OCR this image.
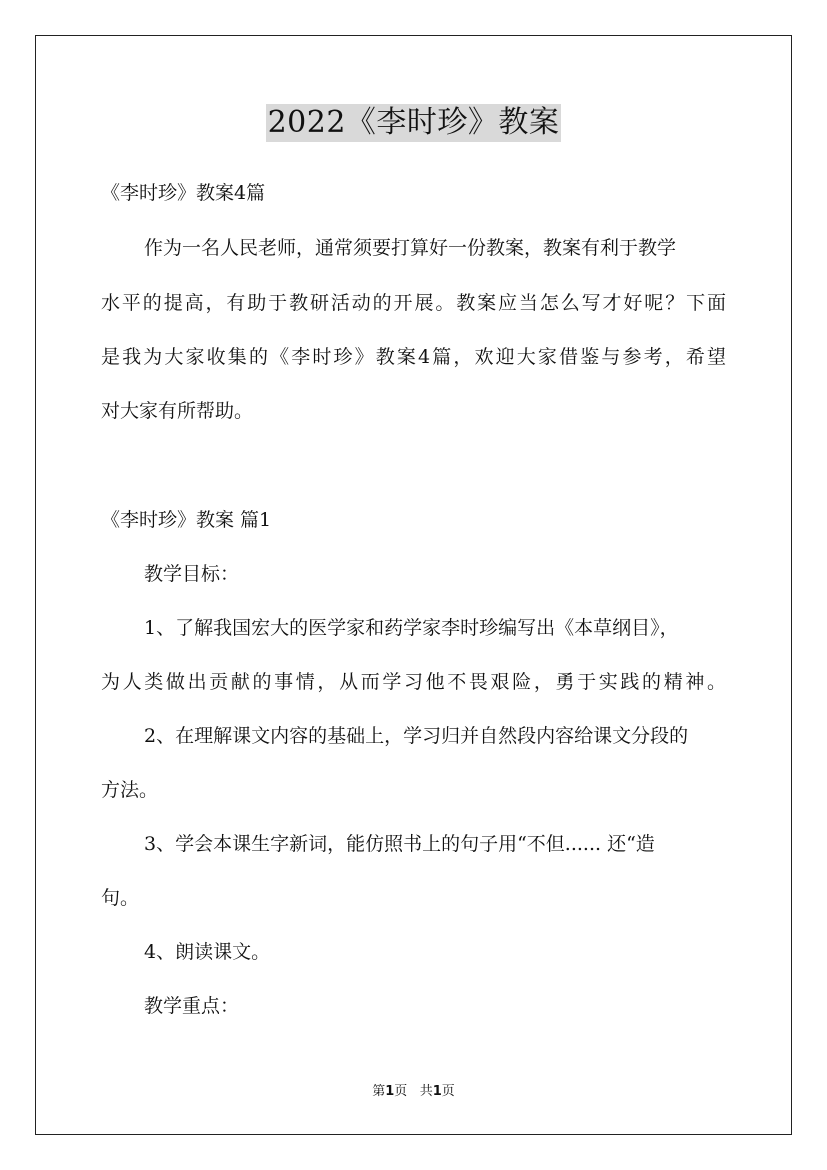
2022《李时珍》教案
《李时珍》教案4篇
作为一名人民老师，通常须要打算好一份教案，教案有利于教学
水平的提高，有助于教研活动的开展。教案应当怎么写才好呢？下面
是我为大家收集的《李时珍》教案4篇，欢迎大家借鉴与参考，希望
对大家有所帮助。
《李时珍》教案 篇1
教学目标：
1、了解我国宏大的医学家和药学家李时珍编写出《本草纲目》，
为人类做出贡献的事情，从而学习他不畏艰险，勇于实践的精神。
2、在理解课文内容的基础上，学习归并自然段内容给课文分段的
方法。
3、学会本课生字新词，能仿照书上的句子用“不但...... 还“造
句。
4、朗读课文。
教学重点：
第1页 共1页
